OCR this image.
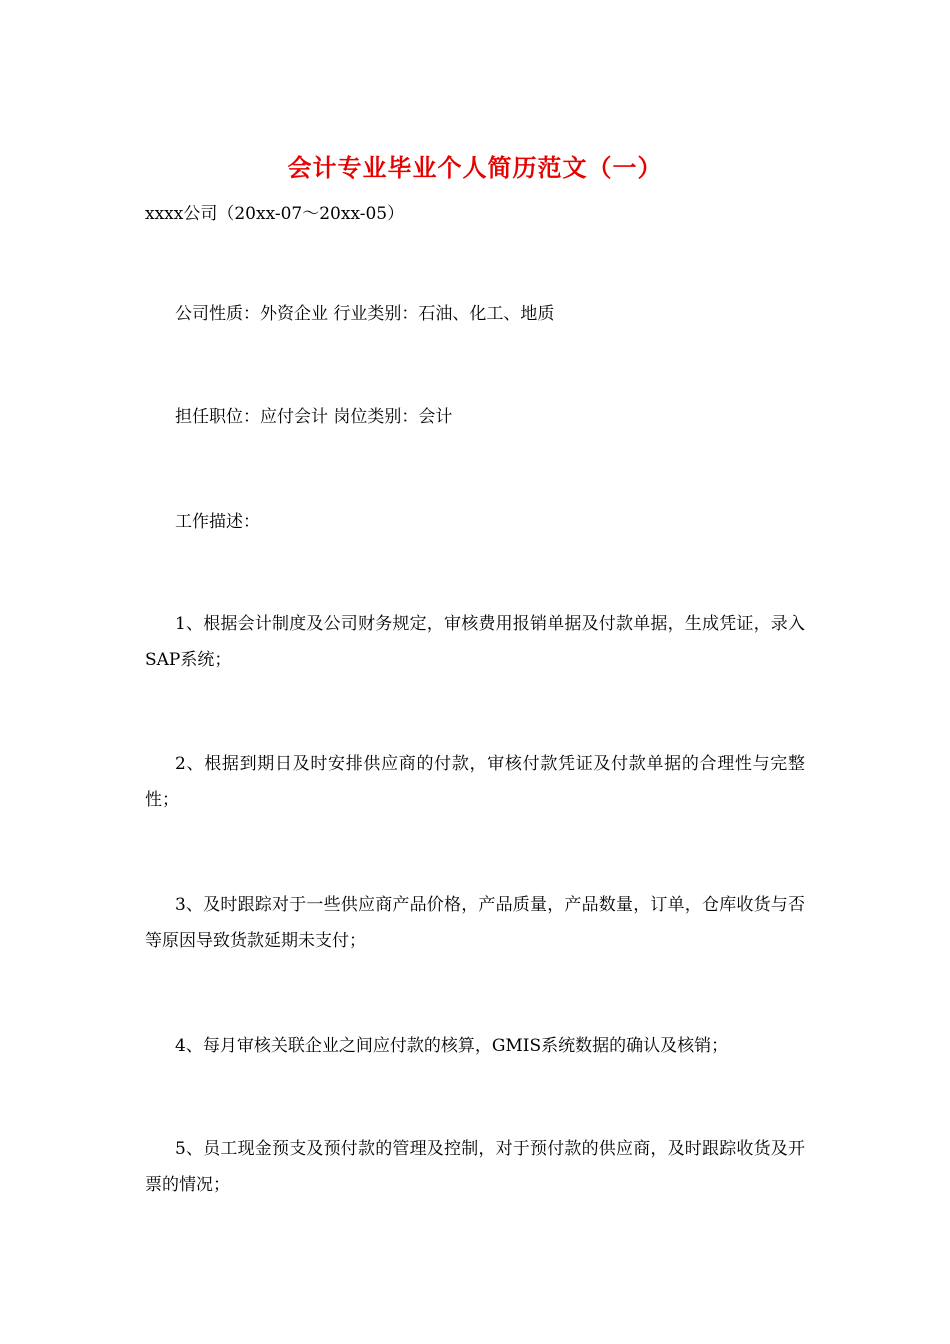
会计专业毕业个人简历范文（一）
xxxx公司（20xx-07～20xx-05）
公司性质：外资企业 行业类别：石油、化工、地质
担任职位：应付会计 岗位类别：会计
工作描述：
1、根据会计制度及公司财务规定，审核费用报销单据及付款单据，生成凭证，录入SAP系统；
2、根据到期日及时安排供应商的付款，审核付款凭证及付款单据的合理性与完整性；
3、及时跟踪对于一些供应商产品价格，产品质量，产品数量，订单，仓库收货与否等原因导致货款延期未支付；
4、每月审核关联企业之间应付款的核算，GMIS系统数据的确认及核销；
5、员工现金预支及预付款的管理及控制，对于预付款的供应商，及时跟踪收货及开票的情况；
